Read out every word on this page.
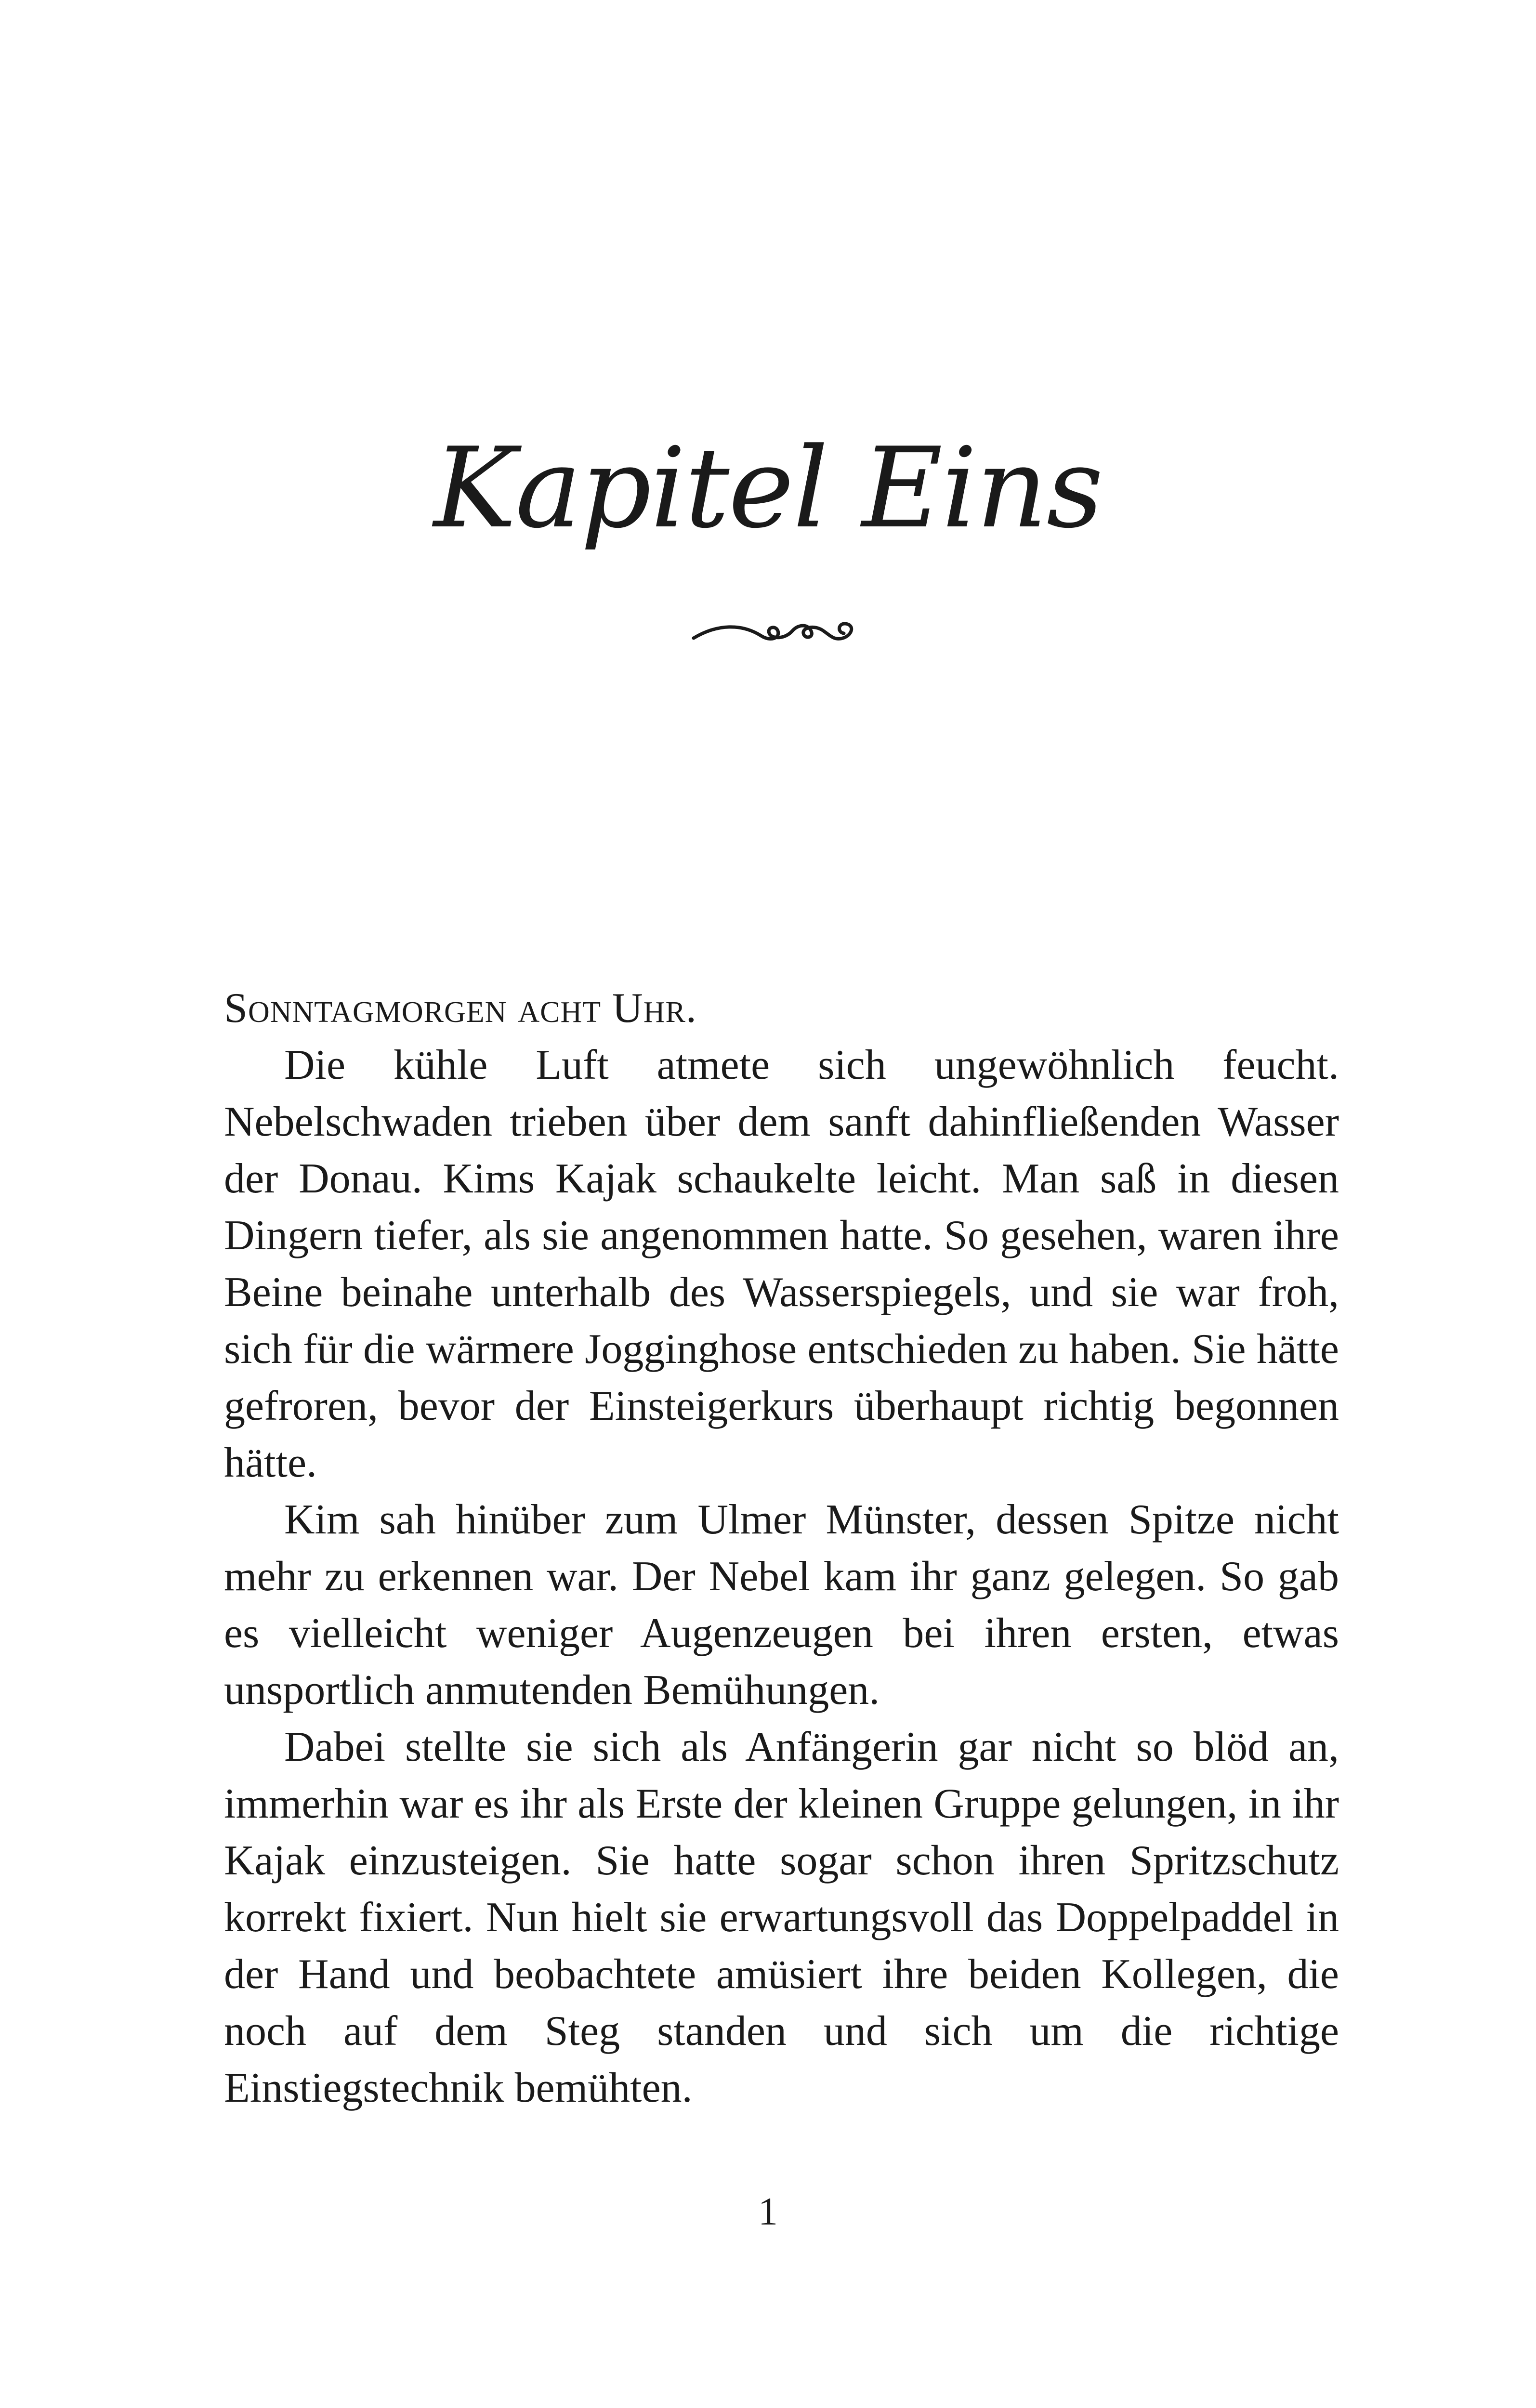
Kapitel Eins

Sonntagmorgen acht Uhr.

Die kühle Luft atmete sich ungewöhnlich feucht. Nebelschwaden trieben über dem sanft dahinfließenden Wasser der Donau. Kims Kajak schaukelte leicht. Man saß in diesen Dingern tiefer, als sie angenommen hatte. So gesehen, waren ihre Beine beinahe unterhalb des Wasserspiegels, und sie war froh, sich für die wärmere Jogginghose entschieden zu haben. Sie hätte gefroren, bevor der Einsteigerkurs überhaupt richtig begonnen hätte.

Kim sah hinüber zum Ulmer Münster, dessen Spitze nicht mehr zu erkennen war. Der Nebel kam ihr ganz gelegen. So gab es vielleicht weniger Augenzeugen bei ihren ersten, etwas unsportlich anmutenden Bemühungen.

Dabei stellte sie sich als Anfängerin gar nicht so blöd an, immerhin war es ihr als Erste der kleinen Gruppe gelungen, in ihr Kajak einzusteigen. Sie hatte sogar schon ihren Spritzschutz korrekt fixiert. Nun hielt sie erwartungsvoll das Doppelpaddel in der Hand und beobachtete amüsiert ihre beiden Kollegen, die noch auf dem Steg standen und sich um die richtige Einstiegstechnik bemühten.

1
